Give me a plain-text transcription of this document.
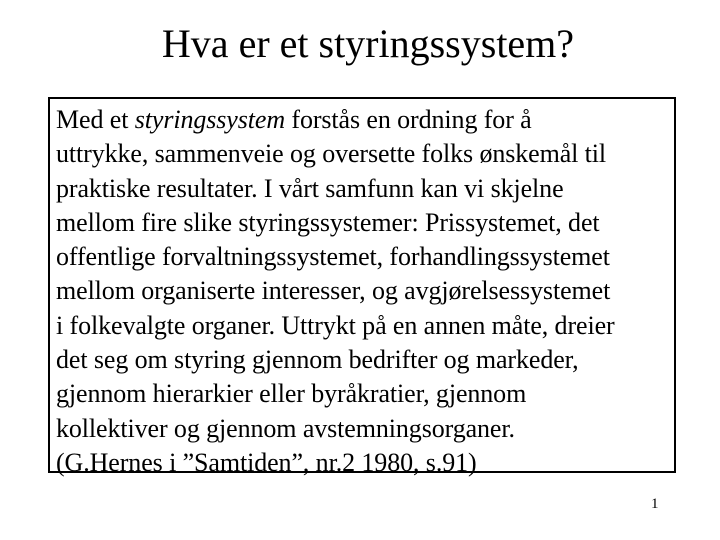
Hva er et styringssystem?

Med et styringssystem forstås en ordning for å
uttrykke, sammenveie og oversette folks ønskemål til
praktiske resultater. I vårt samfunn kan vi skjelne
mellom fire slike styringssystemer: Prissystemet, det
offentlige forvaltningssystemet, forhandlingssystemet
mellom organiserte interesser, og avgjørelsessystemet
i folkevalgte organer. Uttrykt på en annen måte, dreier
det seg om styring gjennom bedrifter og markeder,
gjennom hierarkier eller byråkratier, gjennom
kollektiver og gjennom avstemningsorganer.
(G.Hernes i ”Samtiden”, nr.2 1980, s.91)

1
